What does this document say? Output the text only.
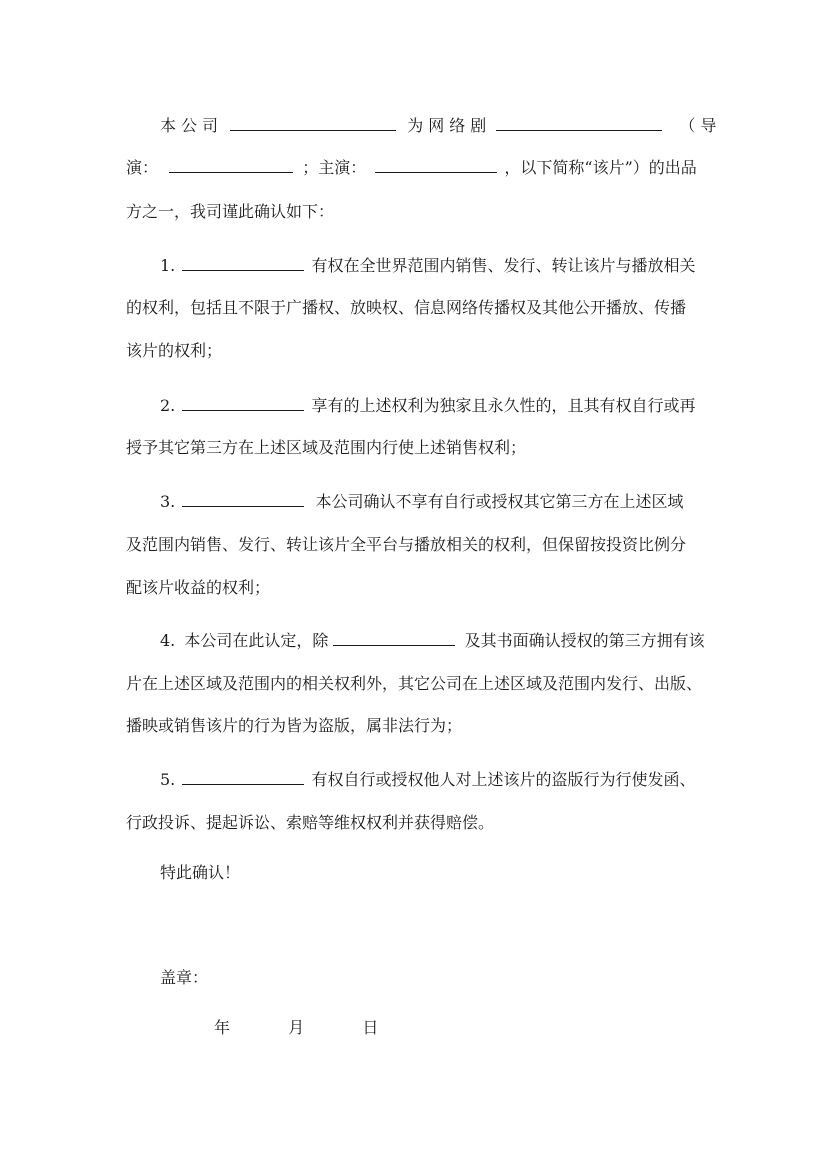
本公司	为网络剧	（导
演：	；主演：	，以下简称“该片”）的出品
方之一，我司谨此确认如下：
1.	有权在全世界范围内销售、发行、转让该片与播放相关
的权利，包括且不限于广播权、放映权、信息网络传播权及其他公开播放、传播
该片的权利；
2.	享有的上述权利为独家且永久性的，且其有权自行或再
授予其它第三方在上述区域及范围内行使上述销售权利；
3.	本公司确认不享有自行或授权其它第三方在上述区域
及范围内销售、发行、转让该片全平台与播放相关的权利，但保留按投资比例分
配该片收益的权利；
4. 本公司在此认定，除	及其书面确认授权的第三方拥有该
片在上述区域及范围内的相关权利外，其它公司在上述区域及范围内发行、出版、
播映或销售该片的行为皆为盗版，属非法行为；
5.	有权自行或授权他人对上述该片的盗版行为行使发函、
行政投诉、提起诉讼、索赔等维权权利并获得赔偿。
特此确认！
盖章：
年	月	日
